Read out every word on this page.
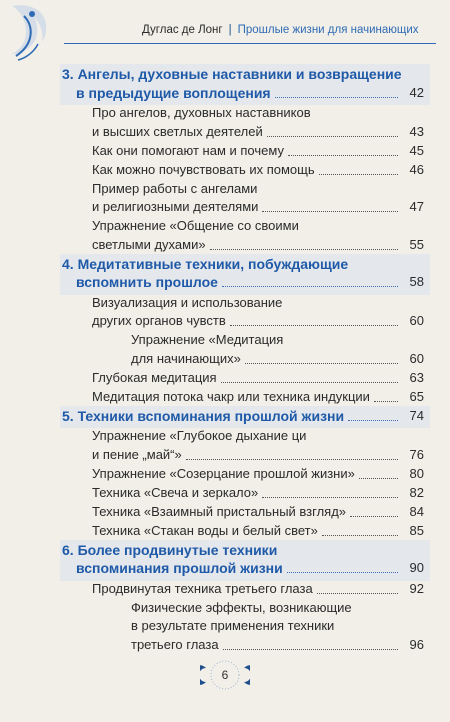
Дуглас де Лонг | Прошлые жизни для начинающих
3. Ангелы, духовные наставники и возвращение
в предыдущие воплощения	42
Про ангелов, духовных наставников
и высших светлых деятелей	43
Как они помогают нам и почему	45
Как можно почувствовать их помощь	46
Пример работы с ангелами
и религиозными деятелями	47
Упражнение «Общение со своими
светлыми духами»	55
4. Медитативные техники, побуждающие
вспомнить прошлое	58
Визуализация и использование
других органов чувств	60
Упражнение «Медитация
для начинающих»	60
Глубокая медитация	63
Медитация потока чакр или техника индукции	65
5. Техники вспоминания прошлой жизни	74
Упражнение «Глубокое дыхание ци
и пение „май“»	76
Упражнение «Созерцание прошлой жизни»	80
Техника «Свеча и зеркало»	82
Техника «Взаимный пристальный взгляд»	84
Техника «Стакан воды и белый свет»	85
6. Более продвинутые техники
вспоминания прошлой жизни	90
Продвинутая техника третьего глаза	92
Физические эффекты, возникающие
в результате применения техники
третьего глаза	96
6
